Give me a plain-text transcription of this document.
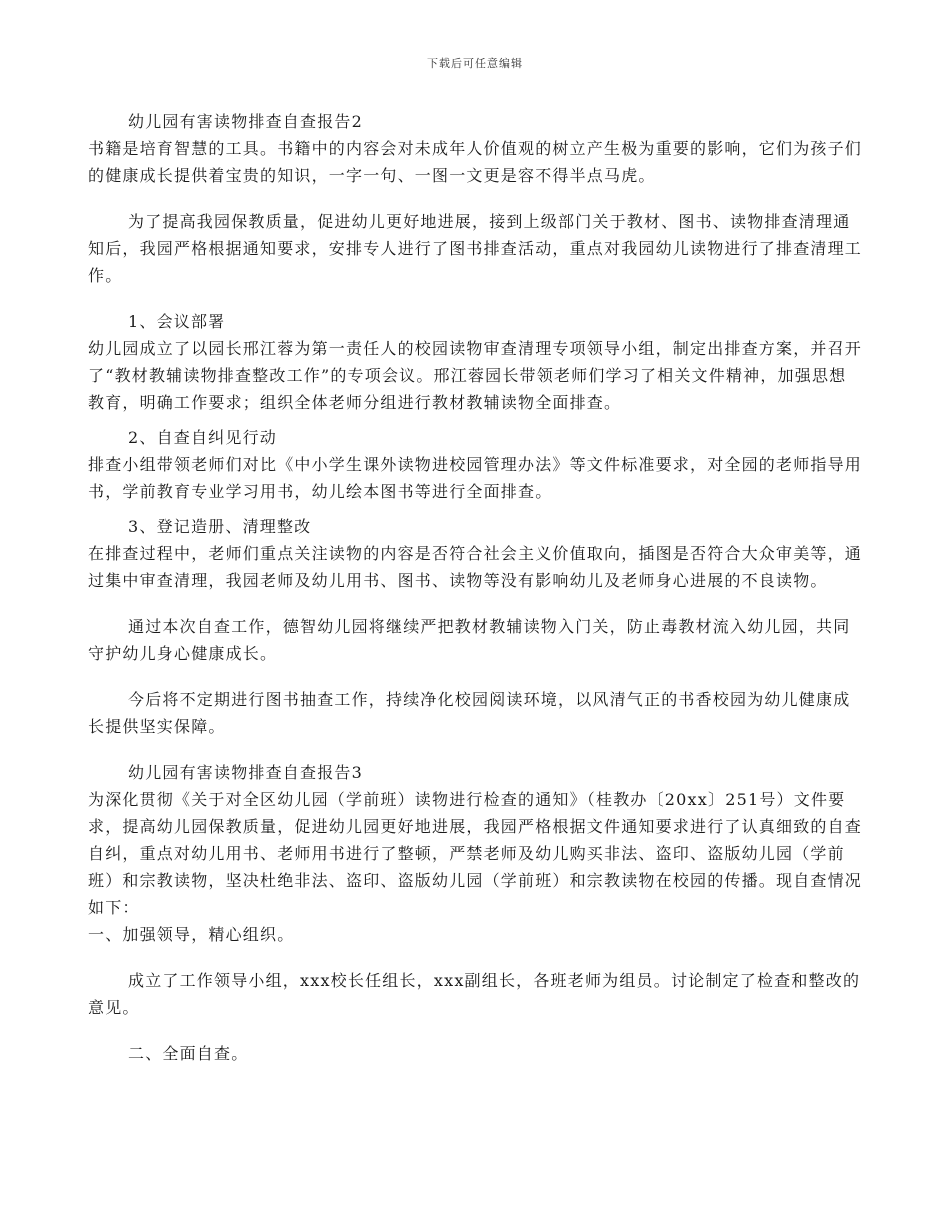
下载后可任意编辑

幼儿园有害读物排查自查报告2

书籍是培育智慧的工具。书籍中的内容会对未成年人价值观的树立产生极为重要的影响，它们为孩子们的健康成长提供着宝贵的知识，一字一句、一图一文更是容不得半点马虎。

为了提高我园保教质量，促进幼儿更好地进展，接到上级部门关于教材、图书、读物排查清理通知后，我园严格根据通知要求，安排专人进行了图书排查活动，重点对我园幼儿读物进行了排查清理工作。

1、会议部署

幼儿园成立了以园长邢江蓉为第一责任人的校园读物审查清理专项领导小组，制定出排查方案，并召开了“教材教辅读物排查整改工作”的专项会议。邢江蓉园长带领老师们学习了相关文件精神，加强思想教育，明确工作要求；组织全体老师分组进行教材教辅读物全面排查。

2、自查自纠见行动

排查小组带领老师们对比《中小学生课外读物进校园管理办法》等文件标准要求，对全园的老师指导用书，学前教育专业学习用书，幼儿绘本图书等进行全面排查。

3、登记造册、清理整改

在排查过程中，老师们重点关注读物的内容是否符合社会主义价值取向，插图是否符合大众审美等，通过集中审查清理，我园老师及幼儿用书、图书、读物等没有影响幼儿及老师身心进展的不良读物。

通过本次自查工作，德智幼儿园将继续严把教材教辅读物入门关，防止毒教材流入幼儿园，共同守护幼儿身心健康成长。

今后将不定期进行图书抽查工作，持续净化校园阅读环境，以风清气正的书香校园为幼儿健康成长提供坚实保障。

幼儿园有害读物排查自查报告3

为深化贯彻《关于对全区幼儿园（学前班）读物进行检查的通知》（桂教办〔20xx〕251号）文件要求，提高幼儿园保教质量，促进幼儿园更好地进展，我园严格根据文件通知要求进行了认真细致的自查自纠，重点对幼儿用书、老师用书进行了整顿，严禁老师及幼儿购买非法、盗印、盗版幼儿园（学前班）和宗教读物，坚决杜绝非法、盗印、盗版幼儿园（学前班）和宗教读物在校园的传播。现自查情况如下：

一、加强领导，精心组织。

成立了工作领导小组，xxx校长任组长，xxx副组长，各班老师为组员。讨论制定了检查和整改的意见。

二、全面自查。
